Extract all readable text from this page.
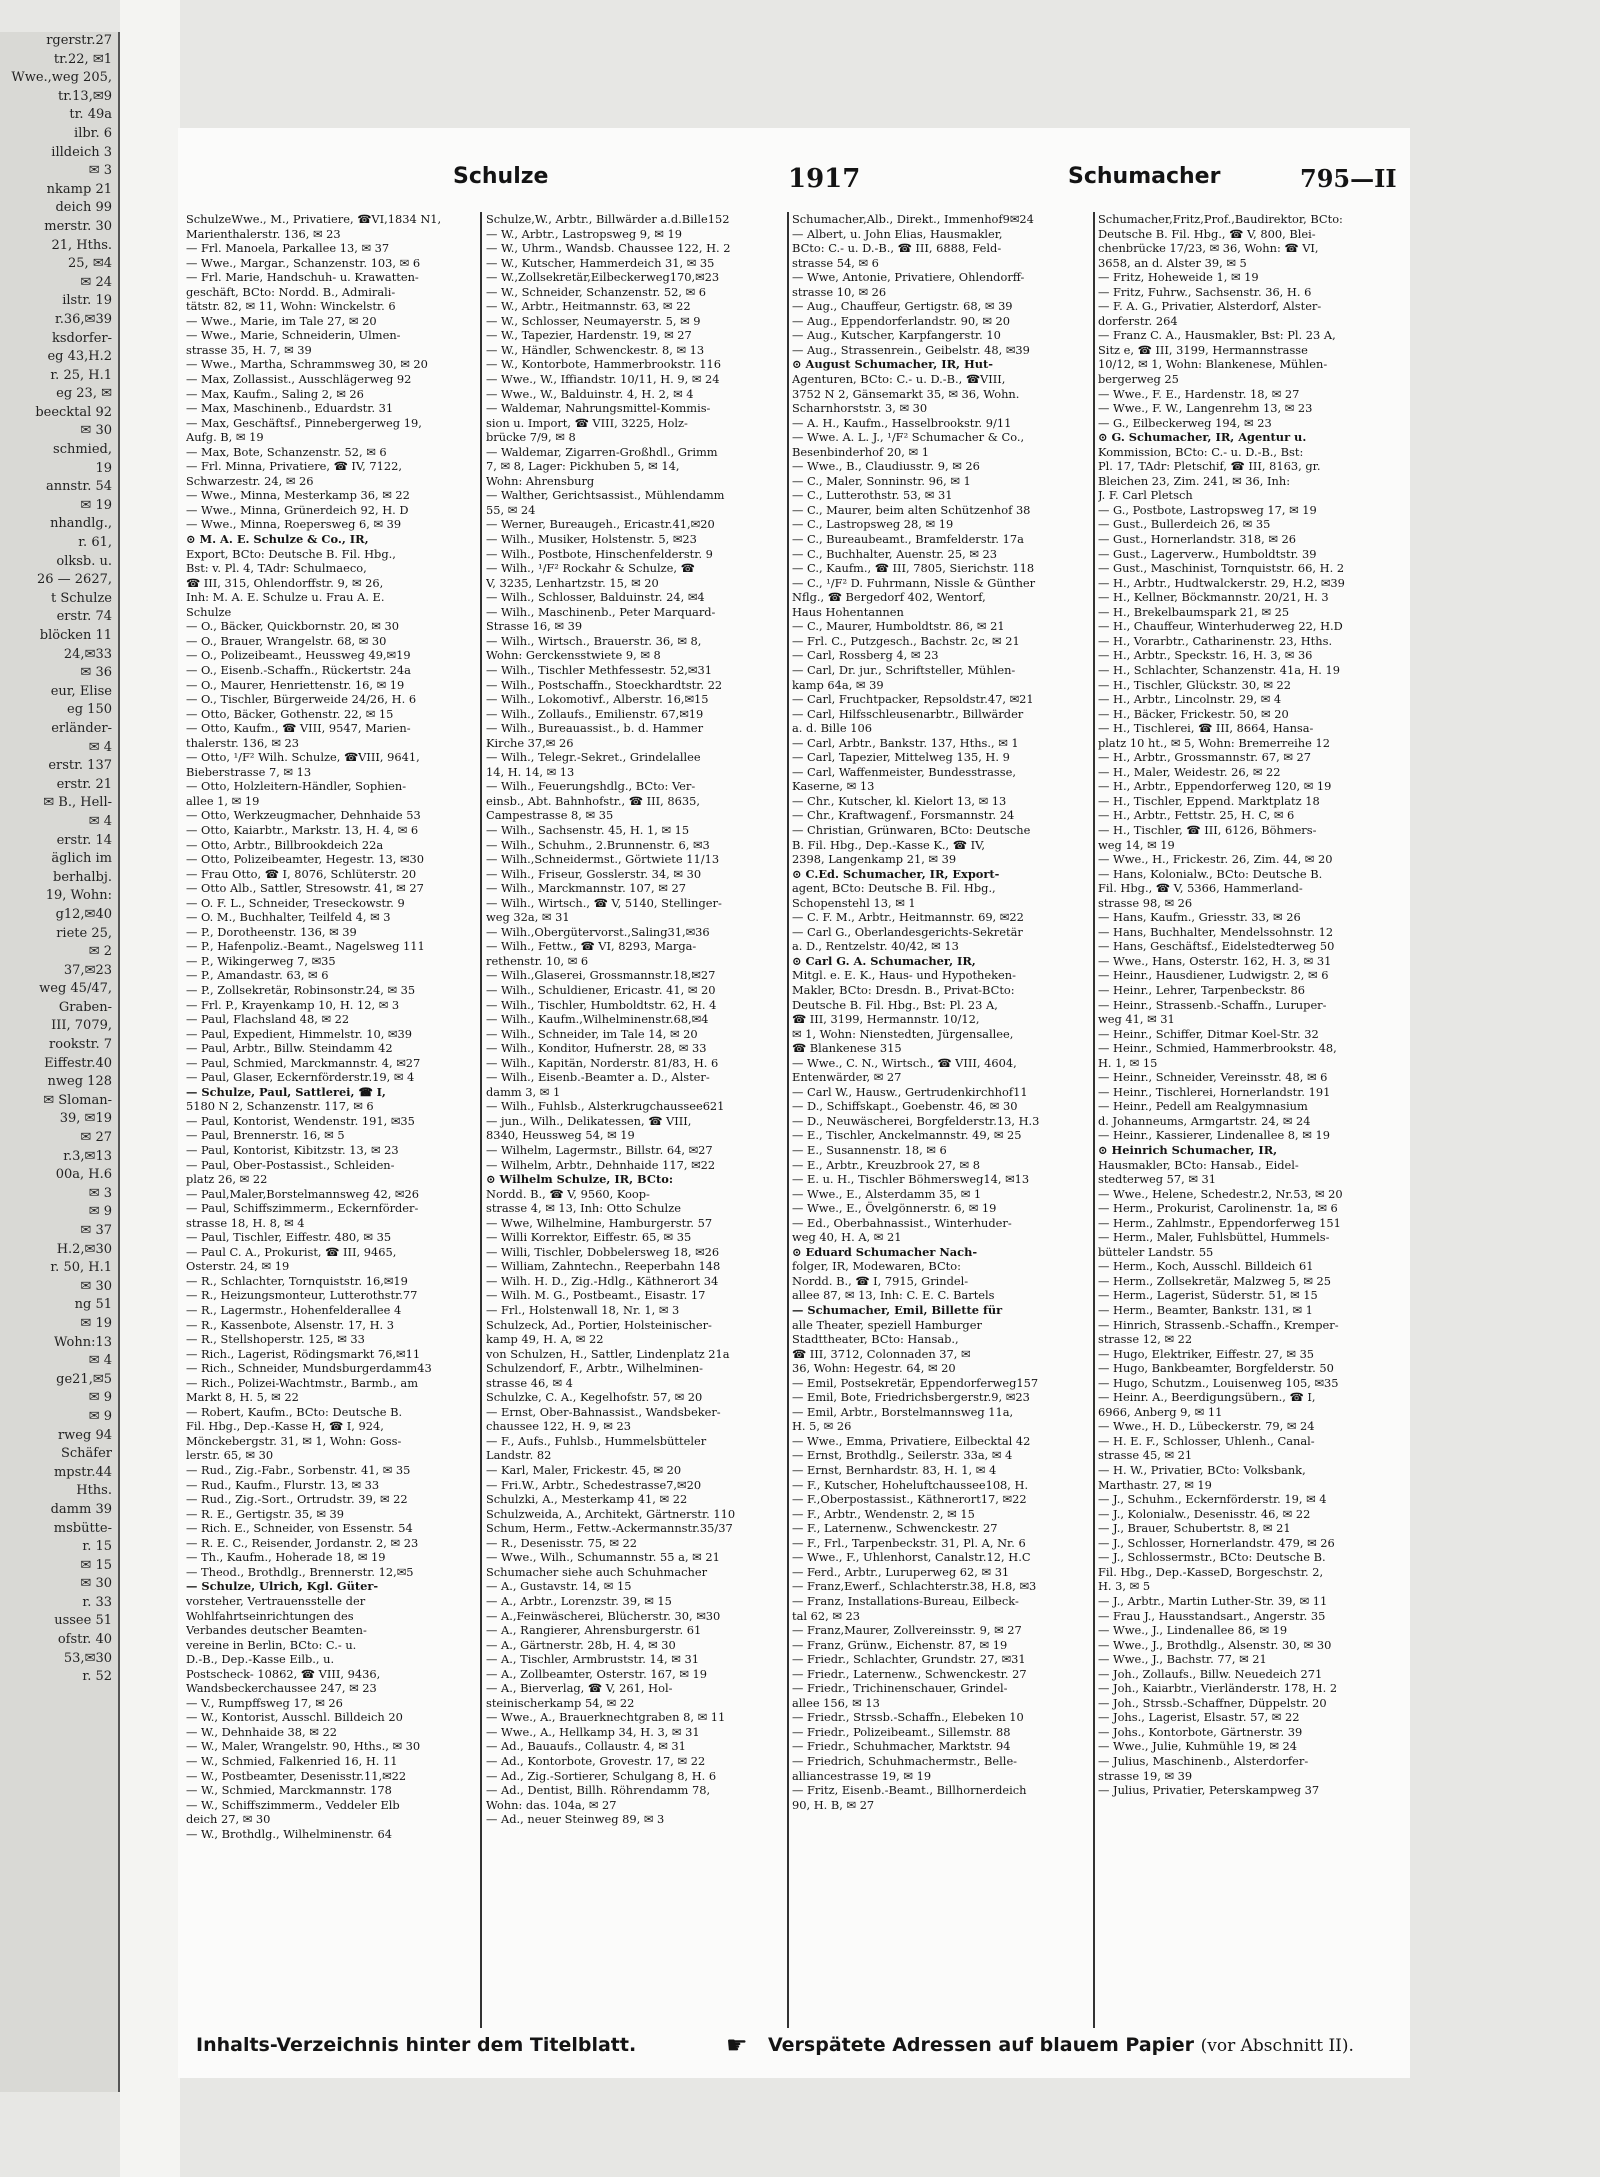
rgerstr.27
tr.22, ✉1
Wwe.,weg 205,
tr.13,✉9
tr. 49a
ilbr. 6
illdeich 3
✉ 3
nkamp 21
deich 99
merstr. 30
21, Hths.
25, ✉4
✉ 24
ilstr. 19
r.36,✉39
ksdorfer-
eg 43,H.2
r. 25, H.1
eg 23, ✉
beecktal 92
✉ 30
schmied,
19
annstr. 54
✉ 19
nhandlg.,
r. 61,
olksb. u.
26 — 2627,
t Schulze
erstr. 74
blöcken 11
24,✉33
✉ 36
eur, Elise
eg 150
erländer-
✉ 4
erstr. 137
erstr. 21
✉ B., Hell-
✉ 4
erstr. 14
äglich im
berhalbj.
19, Wohn:
g12,✉40
riete 25,
✉ 2
37,✉23
weg 45/47,
Graben-
III, 7079,
rookstr. 7
Eiffestr.40
nweg 128
✉ Sloman-
39, ✉19
✉ 27
r.3,✉13
00a, H.6
✉ 3
✉ 9
✉ 37
H.2,✉30
r. 50, H.1
✉ 30
ng 51
✉ 19
Wohn:13
✉ 4
ge21,✉5
✉ 9
✉ 9
rweg 94
Schäfer
mpstr.44
Hths.
damm 39
msbütte-
r. 15
✉ 15
✉ 30
r. 33
ussee 51
ofstr. 40
53,✉30
r. 52
Schulze	1917	Schumacher	795—II
SchulzeWwe., M., Privatiere, ☎VI,1834 N1,
Marienthalerstr. 136, ✉ 23
— Frl. Manoela, Parkallee 13, ✉ 37
— Wwe., Margar., Schanzenstr. 103, ✉ 6
— Frl. Marie, Handschuh- u. Krawatten-
geschäft, BCto: Nordd. B., Admirali-
tätstr. 82, ✉ 11, Wohn: Winckelstr. 6
— Wwe., Marie, im Tale 27, ✉ 20
— Wwe., Marie, Schneiderin, Ulmen-
strasse 35, H. 7, ✉ 39
— Wwe., Martha, Schrammsweg 30, ✉ 20
— Max, Zollassist., Ausschlägerweg 92
— Max, Kaufm., Saling 2, ✉ 26
— Max, Maschinenb., Eduardstr. 31
— Max, Geschäftsf., Pinnebergerweg 19,
Aufg. B, ✉ 19
— Max, Bote, Schanzenstr. 52, ✉ 6
— Frl. Minna, Privatiere, ☎ IV, 7122,
Schwarzestr. 24, ✉ 26
— Wwe., Minna, Mesterkamp 36, ✉ 22
— Wwe., Minna, Grünerdeich 92, H. D
— Wwe., Minna, Roepersweg 6, ✉ 39
⊙ M. A. E. Schulze & Co., IR,
Export, BCto: Deutsche B. Fil. Hbg.,
Bst: v. Pl. 4, TAdr: Schulmaeco,
☎ III, 315, Ohlendorffstr. 9, ✉ 26,
Inh: M. A. E. Schulze u. Frau A. E.
Schulze
— O., Bäcker, Quickbornstr. 20, ✉ 30
— O., Brauer, Wrangelstr. 68, ✉ 30
— O., Polizeibeamt., Heussweg 49,✉19
— O., Eisenb.-Schaffn., Rückertstr. 24a
— O., Maurer, Henriettenstr. 16, ✉ 19
— O., Tischler, Bürgerweide 24/26, H. 6
— Otto, Bäcker, Gothenstr. 22, ✉ 15
— Otto, Kaufm., ☎ VIII, 9547, Marien-
thalerstr. 136, ✉ 23
— Otto, ¹/F² Wilh. Schulze, ☎VIII, 9641,
Bieberstrasse 7, ✉ 13
— Otto, Holzleitern-Händler, Sophien-
allee 1, ✉ 19
— Otto, Werkzeugmacher, Dehnhaide 53
— Otto, Kaiarbtr., Markstr. 13, H. 4, ✉ 6
— Otto, Arbtr., Billbrookdeich 22a
— Otto, Polizeibeamter, Hegestr. 13, ✉30
— Frau Otto, ☎ I, 8076, Schlüterstr. 20
— Otto Alb., Sattler, Stresowstr. 41, ✉ 27
— O. F. L., Schneider, Treseckowstr. 9
— O. M., Buchhalter, Teilfeld 4, ✉ 3
— P., Dorotheenstr. 136, ✉ 39
— P., Hafenpoliz.-Beamt., Nagelsweg 111
— P., Wikingerweg 7, ✉35
— P., Amandastr. 63, ✉ 6
— P., Zollsekretär, Robinsonstr.24, ✉ 35
— Frl. P., Krayenkamp 10, H. 12, ✉ 3
— Paul, Flachsland 48, ✉ 22
— Paul, Expedient, Himmelstr. 10, ✉39
— Paul, Arbtr., Billw. Steindamm 42
— Paul, Schmied, Marckmannstr. 4, ✉27
— Paul, Glaser, Eckernförderstr.19, ✉ 4
— Schulze, Paul, Sattlerei, ☎ I,
5180 N 2, Schanzenstr. 117, ✉ 6
— Paul, Kontorist, Wendenstr. 191, ✉35
— Paul, Brennerstr. 16, ✉ 5
— Paul, Kontorist, Kibitzstr. 13, ✉ 23
— Paul, Ober-Postassist., Schleiden-
platz 26, ✉ 22
— Paul,Maler,Borstelmannsweg 42, ✉26
— Paul, Schiffszimmerm., Eckernförder-
strasse 18, H. 8, ✉ 4
— Paul, Tischler, Eiffestr. 480, ✉ 35
— Paul C. A., Prokurist, ☎ III, 9465,
Osterstr. 24, ✉ 19
— R., Schlachter, Tornquiststr. 16,✉19
— R., Heizungsmonteur, Lutterothstr.77
— R., Lagermstr., Hohenfelderallee 4
— R., Kassenbote, Alsenstr. 17, H. 3
— R., Stellshoperstr. 125, ✉ 33
— Rich., Lagerist, Rödingsmarkt 76,✉11
— Rich., Schneider, Mundsburgerdamm43
— Rich., Polizei-Wachtmstr., Barmb., am
Markt 8, H. 5, ✉ 22
— Robert, Kaufm., BCto: Deutsche B.
Fil. Hbg., Dep.-Kasse H, ☎ I, 924,
Mönckebergstr. 31, ✉ 1, Wohn: Goss-
lerstr. 65, ✉ 30
— Rud., Zig.-Fabr., Sorbenstr. 41, ✉ 35
— Rud., Kaufm., Flurstr. 13, ✉ 33
— Rud., Zig.-Sort., Ortrudstr. 39, ✉ 22
— R. E., Gertigstr. 35, ✉ 39
— Rich. E., Schneider, von Essenstr. 54
— R. E. C., Reisender, Jordanstr. 2, ✉ 23
— Th., Kaufm., Hoherade 18, ✉ 19
— Theod., Brothdlg., Brennerstr. 12,✉5
— Schulze, Ulrich, Kgl. Güter-
vorsteher, Vertrauensstelle der
Wohlfahrtseinrichtungen des
Verbandes deutscher Beamten-
vereine in Berlin, BCto: C.- u.
D.-B., Dep.-Kasse Eilb., u.
Postscheck- 10862, ☎ VIII, 9436,
Wandsbeckerchaussee 247, ✉ 23
— V., Rumpffsweg 17, ✉ 26
— W., Kontorist, Ausschl. Billdeich 20
— W., Dehnhaide 38, ✉ 22
— W., Maler, Wrangelstr. 90, Hths., ✉ 30
— W., Schmied, Falkenried 16, H. 11
— W., Postbeamter, Desenisstr.11,✉22
— W., Schmied, Marckmannstr. 178
— W., Schiffszimmerm., Veddeler Elb
deich 27, ✉ 30
— W., Brothdlg., Wilhelminenstr. 64
Schulze,W., Arbtr., Billwärder a.d.Bille152
— W., Arbtr., Lastropsweg 9, ✉ 19
— W., Uhrm., Wandsb. Chaussee 122, H. 2
— W., Kutscher, Hammerdeich 31, ✉ 35
— W.,Zollsekretär,Eilbeckerweg170,✉23
— W., Schneider, Schanzenstr. 52, ✉ 6
— W., Arbtr., Heitmannstr. 63, ✉ 22
— W., Schlosser, Neumayerstr. 5, ✉ 9
— W., Tapezier, Hardenstr. 19, ✉ 27
— W., Händler, Schwenckestr. 8, ✉ 13
— W., Kontorbote, Hammerbrookstr. 116
— Wwe., W., Iffiandstr. 10/11, H. 9, ✉ 24
— Wwe., W., Balduinstr. 4, H. 2, ✉ 4
— Waldemar, Nahrungsmittel-Kommis-
sion u. Import, ☎ VIII, 3225, Holz-
brücke 7/9, ✉ 8
— Waldemar, Zigarren-Großhdl., Grimm
7, ✉ 8, Lager: Pickhuben 5, ✉ 14,
Wohn: Ahrensburg
— Walther, Gerichtsassist., Mühlendamm
55, ✉ 24
— Werner, Bureaugeh., Ericastr.41,✉20
— Wilh., Musiker, Holstenstr. 5, ✉23
— Wilh., Postbote, Hinschenfelderstr. 9
— Wilh., ¹/F² Rockahr & Schulze, ☎
V, 3235, Lenhartzstr. 15, ✉ 20
— Wilh., Schlosser, Balduinstr. 24, ✉4
— Wilh., Maschinenb., Peter Marquard-
Strasse 16, ✉ 39
— Wilh., Wirtsch., Brauerstr. 36, ✉ 8,
Wohn: Gerckensstwiete 9, ✉ 8
— Wilh., Tischler Methfessestr. 52,✉31
— Wilh., Postschaffn., Stoeckhardtstr. 22
— Wilh., Lokomotivf., Alberstr. 16,✉15
— Wilh., Zollaufs., Emilienstr. 67,✉19
— Wilh., Bureauassist., b. d. Hammer
Kirche 37,✉ 26
— Wilh., Telegr.-Sekret., Grindelallee
14, H. 14, ✉ 13
— Wilh., Feuerungshdlg., BCto: Ver-
einsb., Abt. Bahnhofstr., ☎ III, 8635,
Campestrasse 8, ✉ 35
— Wilh., Sachsenstr. 45, H. 1, ✉ 15
— Wilh., Schuhm., 2.Brunnenstr. 6, ✉3
— Wilh.,Schneidermst., Görtwiete 11/13
— Wilh., Friseur, Gosslerstr. 34, ✉ 30
— Wilh., Marckmannstr. 107, ✉ 27
— Wilh., Wirtsch., ☎ V, 5140, Stellinger-
weg 32a, ✉ 31
— Wilh.,Obergütervorst.,Saling31,✉36
— Wilh., Fettw., ☎ VI, 8293, Marga-
rethenstr. 10, ✉ 6
— Wilh.,Glaserei, Grossmannstr.18,✉27
— Wilh., Schuldiener, Ericastr. 41, ✉ 20
— Wilh., Tischler, Humboldtstr. 62, H. 4
— Wilh., Kaufm.,Wilhelminenstr.68,✉4
— Wilh., Schneider, im Tale 14, ✉ 20
— Wilh., Konditor, Hufnerstr. 28, ✉ 33
— Wilh., Kapitän, Norderstr. 81/83, H. 6
— Wilh., Eisenb.-Beamter a. D., Alster-
damm 3, ✉ 1
— Wilh., Fuhlsb., Alsterkrugchaussee621
— jun., Wilh., Delikatessen, ☎ VIII,
8340, Heussweg 54, ✉ 19
— Wilhelm, Lagermstr., Billstr. 64, ✉27
— Wilhelm, Arbtr., Dehnhaide 117, ✉22
⊙ Wilhelm Schulze, IR, BCto:
Nordd. B., ☎ V, 9560, Koop-
strasse 4, ✉ 13, Inh: Otto Schulze
— Wwe, Wilhelmine, Hamburgerstr. 57
— Willi Korrektor, Eiffestr. 65, ✉ 35
— Willi, Tischler, Dobbelersweg 18, ✉26
— William, Zahntechn., Reeperbahn 148
— Wilh. H. D., Zig.-Hdlg., Käthnerort 34
— Wilh. M. G., Postbeamt., Eisastr. 17
— Frl., Holstenwall 18, Nr. 1, ✉ 3
Schulzeck, Ad., Portier, Holsteinischer-
kamp 49, H. A, ✉ 22
von Schulzen, H., Sattler, Lindenplatz 21a
Schulzendorf, F., Arbtr., Wilhelminen-
strasse 46, ✉ 4
Schulzke, C. A., Kegelhofstr. 57, ✉ 20
— Ernst, Ober-Bahnassist., Wandsbeker-
chaussee 122, H. 9, ✉ 23
— F., Aufs., Fuhlsb., Hummelsbütteler
Landstr. 82
— Karl, Maler, Frickestr. 45, ✉ 20
— Fri.W., Arbtr., Schedestrasse7,✉20
Schulzki, A., Mesterkamp 41, ✉ 22
Schulzweida, A., Architekt, Gärtnerstr. 110
Schum, Herm., Fettw.-Ackermannstr.35/37
— R., Desenisstr. 75, ✉ 22
— Wwe., Wilh., Schumannstr. 55 a, ✉ 21
Schumacher siehe auch Schuhmacher
— A., Gustavstr. 14, ✉ 15
— A., Arbtr., Lorenzstr. 39, ✉ 15
— A.,Feinwäscherei, Blücherstr. 30, ✉30
— A., Rangierer, Ahrensburgerstr. 61
— A., Gärtnerstr. 28b, H. 4, ✉ 30
— A., Tischler, Armbruststr. 14, ✉ 31
— A., Zollbeamter, Osterstr. 167, ✉ 19
— A., Bierverlag, ☎ V, 261, Hol-
steinischerkamp 54, ✉ 22
— Wwe., A., Brauerknechtgraben 8, ✉ 11
— Wwe., A., Hellkamp 34, H. 3, ✉ 31
— Ad., Bauaufs., Collaustr. 4, ✉ 31
— Ad., Kontorbote, Grovestr. 17, ✉ 22
— Ad., Zig.-Sortierer, Schulgang 8, H. 6
— Ad., Dentist, Billh. Röhrendamm 78,
Wohn: das. 104a, ✉ 27
— Ad., neuer Steinweg 89, ✉ 3
Schumacher,Alb., Direkt., Immenhof9✉24
— Albert, u. John Elias, Hausmakler,
BCto: C.- u. D.-B., ☎ III, 6888, Feld-
strasse 54, ✉ 6
— Wwe, Antonie, Privatiere, Ohlendorff-
strasse 10, ✉ 26
— Aug., Chauffeur, Gertigstr. 68, ✉ 39
— Aug., Eppendorferlandstr. 90, ✉ 20
— Aug., Kutscher, Karpfangerstr. 10
— Aug., Strassenrein., Geibelstr. 48, ✉39
⊙ August Schumacher, IR, Hut-
Agenturen, BCto: C.- u. D.-B., ☎VIII,
3752 N 2, Gänsemarkt 35, ✉ 36, Wohn.
Scharnhorststr. 3, ✉ 30
— A. H., Kaufm., Hasselbrookstr. 9/11
— Wwe. A. L. J., ¹/F² Schumacher & Co.,
Besenbinderhof 20, ✉ 1
— Wwe., B., Claudiusstr. 9, ✉ 26
— C., Maler, Sonninstr. 96, ✉ 1
— C., Lutterothstr. 53, ✉ 31
— C., Maurer, beim alten Schützenhof 38
— C., Lastropsweg 28, ✉ 19
— C., Bureaubeamt., Bramfelderstr. 17a
— C., Buchhalter, Auenstr. 25, ✉ 23
— C., Kaufm., ☎ III, 7805, Sierichstr. 118
— C., ¹/F² D. Fuhrmann, Nissle & Günther
Nflg., ☎ Bergedorf 402, Wentorf,
Haus Hohentannen
— C., Maurer, Humboldtstr. 86, ✉ 21
— Frl. C., Putzgesch., Bachstr. 2c, ✉ 21
— Carl, Rossberg 4, ✉ 23
— Carl, Dr. jur., Schriftsteller, Mühlen-
kamp 64a, ✉ 39
— Carl, Fruchtpacker, Repsoldstr.47, ✉21
— Carl, Hilfsschleusenarbtr., Billwärder
a. d. Bille 106
— Carl, Arbtr., Bankstr. 137, Hths., ✉ 1
— Carl, Tapezier, Mittelweg 135, H. 9
— Carl, Waffenmeister, Bundesstrasse,
Kaserne, ✉ 13
— Chr., Kutscher, kl. Kielort 13, ✉ 13
— Chr., Kraftwagenf., Forsmannstr. 24
— Christian, Grünwaren, BCto: Deutsche
B. Fil. Hbg., Dep.-Kasse K., ☎ IV,
2398, Langenkamp 21, ✉ 39
⊙ C.Ed. Schumacher, IR, Export-
agent, BCto: Deutsche B. Fil. Hbg.,
Schopenstehl 13, ✉ 1
— C. F. M., Arbtr., Heitmannstr. 69, ✉22
— Carl G., Oberlandesgerichts-Sekretär
a. D., Rentzelstr. 40/42, ✉ 13
⊙ Carl G. A. Schumacher, IR,
Mitgl. e. E. K., Haus- und Hypotheken-
Makler, BCto: Dresdn. B., Privat-BCto:
Deutsche B. Fil. Hbg., Bst: Pl. 23 A,
☎ III, 3199, Hermannstr. 10/12,
✉ 1, Wohn: Nienstedten, Jürgensallee,
☎ Blankenese 315
— Wwe., C. N., Wirtsch., ☎ VIII, 4604,
Entenwärder, ✉ 27
— Carl W., Hausw., Gertrudenkirchhof11
— D., Schiffskapt., Goebenstr. 46, ✉ 30
— D., Neuwäscherei, Borgfelderstr.13, H.3
— E., Tischler, Anckelmannstr. 49, ✉ 25
— E., Susannenstr. 18, ✉ 6
— E., Arbtr., Kreuzbrook 27, ✉ 8
— E. u. H., Tischler Böhmersweg14, ✉13
— Wwe., E., Alsterdamm 35, ✉ 1
— Wwe., E., Övelgönnerstr. 6, ✉ 19
— Ed., Oberbahnassist., Winterhuder-
weg 40, H. A, ✉ 21
⊙ Eduard Schumacher Nach-
folger, IR, Modewaren, BCto:
Nordd. B., ☎ I, 7915, Grindel-
allee 87, ✉ 13, Inh: C. E. C. Bartels
— Schumacher, Emil, Billette für
alle Theater, speziell Hamburger
Stadttheater, BCto: Hansab.,
☎ III, 3712, Colonnaden 37, ✉
36, Wohn: Hegestr. 64, ✉ 20
— Emil, Postsekretär, Eppendorferweg157
— Emil, Bote, Friedrichsbergerstr.9, ✉23
— Emil, Arbtr., Borstelmannsweg 11a,
H. 5, ✉ 26
— Wwe., Emma, Privatiere, Eilbecktal 42
— Ernst, Brothdlg., Seilerstr. 33a, ✉ 4
— Ernst, Bernhardstr. 83, H. 1, ✉ 4
— F., Kutscher, Hoheluftchaussee108, H.
— F.,Oberpostassist., Käthnerort17, ✉22
— F., Arbtr., Wendenstr. 2, ✉ 15
— F., Laternenw., Schwenckestr. 27
— F., Frl., Tarpenbeckstr. 31, Pl. A, Nr. 6
— Wwe., F., Uhlenhorst, Canalstr.12, H.C
— Ferd., Arbtr., Luruperweg 62, ✉ 31
— Franz,Ewerf., Schlachterstr.38, H.8, ✉3
— Franz, Installations-Bureau, Eilbeck-
tal 62, ✉ 23
— Franz,Maurer, Zollvereinsstr. 9, ✉ 27
— Franz, Grünw., Eichenstr. 87, ✉ 19
— Friedr., Schlachter, Grundstr. 27, ✉31
— Friedr., Laternenw., Schwenckestr. 27
— Friedr., Trichinenschauer, Grindel-
allee 156, ✉ 13
— Friedr., Strssb.-Schaffn., Elebeken 10
— Friedr., Polizeibeamt., Sillemstr. 88
— Friedr., Schuhmacher, Marktstr. 94
— Friedrich, Schuhmachermstr., Belle-
alliancestrasse 19, ✉ 19
— Fritz, Eisenb.-Beamt., Billhornerdeich
90, H. B, ✉ 27
Schumacher,Fritz,Prof.,Baudirektor, BCto:
Deutsche B. Fil. Hbg., ☎ V, 800, Blei-
chenbrücke 17/23, ✉ 36, Wohn: ☎ VI,
3658, an d. Alster 39, ✉ 5
— Fritz, Hoheweide 1, ✉ 19
— Fritz, Fuhrw., Sachsenstr. 36, H. 6
— F. A. G., Privatier, Alsterdorf, Alster-
dorferstr. 264
— Franz C. A., Hausmakler, Bst: Pl. 23 A,
Sitz e, ☎ III, 3199, Hermannstrasse
10/12, ✉ 1, Wohn: Blankenese, Mühlen-
bergerweg 25
— Wwe., F. E., Hardenstr. 18, ✉ 27
— Wwe., F. W., Langenrehm 13, ✉ 23
— G., Eilbeckerweg 194, ✉ 23
⊙ G. Schumacher, IR, Agentur u.
Kommission, BCto: C.- u. D.-B., Bst:
Pl. 17, TAdr: Pletschif, ☎ III, 8163, gr.
Bleichen 23, Zim. 241, ✉ 36, Inh:
J. F. Carl Pletsch
— G., Postbote, Lastropsweg 17, ✉ 19
— Gust., Bullerdeich 26, ✉ 35
— Gust., Hornerlandstr. 318, ✉ 26
— Gust., Lagerverw., Humboldtstr. 39
— Gust., Maschinist, Tornquiststr. 66, H. 2
— H., Arbtr., Hudtwalckerstr. 29, H.2, ✉39
— H., Kellner, Böckmannstr. 20/21, H. 3
— H., Brekelbaumspark 21, ✉ 25
— H., Chauffeur, Winterhuderweg 22, H.D
— H., Vorarbtr., Catharinenstr. 23, Hths.
— H., Arbtr., Speckstr. 16, H. 3, ✉ 36
— H., Schlachter, Schanzenstr. 41a, H. 19
— H., Tischler, Glückstr. 30, ✉ 22
— H., Arbtr., Lincolnstr. 29, ✉ 4
— H., Bäcker, Frickestr. 50, ✉ 20
— H., Tischlerei, ☎ III, 8664, Hansa-
platz 10 ht., ✉ 5, Wohn: Bremerreihe 12
— H., Arbtr., Grossmannstr. 67, ✉ 27
— H., Maler, Weidestr. 26, ✉ 22
— H., Arbtr., Eppendorferweg 120, ✉ 19
— H., Tischler, Eppend. Marktplatz 18
— H., Arbtr., Fettstr. 25, H. C, ✉ 6
— H., Tischler, ☎ III, 6126, Böhmers-
weg 14, ✉ 19
— Wwe., H., Frickestr. 26, Zim. 44, ✉ 20
— Hans, Kolonialw., BCto: Deutsche B.
Fil. Hbg., ☎ V, 5366, Hammerland-
strasse 98, ✉ 26
— Hans, Kaufm., Griesstr. 33, ✉ 26
— Hans, Buchhalter, Mendelssohnstr. 12
— Hans, Geschäftsf., Eidelstedterweg 50
— Wwe., Hans, Osterstr. 162, H. 3, ✉ 31
— Heinr., Hausdiener, Ludwigstr. 2, ✉ 6
— Heinr., Lehrer, Tarpenbeckstr. 86
— Heinr., Strassenb.-Schaffn., Luruper-
weg 41, ✉ 31
— Heinr., Schiffer, Ditmar Koel-Str. 32
— Heinr., Schmied, Hammerbrookstr. 48,
H. 1, ✉ 15
— Heinr., Schneider, Vereinsstr. 48, ✉ 6
— Heinr., Tischlerei, Hornerlandstr. 191
— Heinr., Pedell am Realgymnasium
d. Johanneums, Armgartstr. 24, ✉ 24
— Heinr., Kassierer, Lindenallee 8, ✉ 19
⊙ Heinrich Schumacher, IR,
Hausmakler, BCto: Hansab., Eidel-
stedterweg 57, ✉ 31
— Wwe., Helene, Schedestr.2, Nr.53, ✉ 20
— Herm., Prokurist, Carolinenstr. 1a, ✉ 6
— Herm., Zahlmstr., Eppendorferweg 151
— Herm., Maler, Fuhlsbüttel, Hummels-
bütteler Landstr. 55
— Herm., Koch, Ausschl. Billdeich 61
— Herm., Zollsekretär, Malzweg 5, ✉ 25
— Herm., Lagerist, Süderstr. 51, ✉ 15
— Herm., Beamter, Bankstr. 131, ✉ 1
— Hinrich, Strassenb.-Schaffn., Kremper-
strasse 12, ✉ 22
— Hugo, Elektriker, Eiffestr. 27, ✉ 35
— Hugo, Bankbeamter, Borgfelderstr. 50
— Hugo, Schutzm., Louisenweg 105, ✉35
— Heinr. A., Beerdigungsübern., ☎ I,
6966, Anberg 9, ✉ 11
— Wwe., H. D., Lübeckerstr. 79, ✉ 24
— H. E. F., Schlosser, Uhlenh., Canal-
strasse 45, ✉ 21
— H. W., Privatier, BCto: Volksbank,
Marthastr. 27, ✉ 19
— J., Schuhm., Eckernförderstr. 19, ✉ 4
— J., Kolonialw., Desenisstr. 46, ✉ 22
— J., Brauer, Schubertstr. 8, ✉ 21
— J., Schlosser, Hornerlandstr. 479, ✉ 26
— J., Schlossermstr., BCto: Deutsche B.
Fil. Hbg., Dep.-KasseD, Borgeschstr. 2,
H. 3, ✉ 5
— J., Arbtr., Martin Luther-Str. 39, ✉ 11
— Frau J., Hausstandsart., Angerstr. 35
— Wwe., J., Lindenallee 86, ✉ 19
— Wwe., J., Brothdlg., Alsenstr. 30, ✉ 30
— Wwe., J., Bachstr. 77, ✉ 21
— Joh., Zollaufs., Billw. Neuedeich 271
— Joh., Kaiarbtr., Vierländerstr. 178, H. 2
— Joh., Strssb.-Schaffner, Düppelstr. 20
— Johs., Lagerist, Elsastr. 57, ✉ 22
— Johs., Kontorbote, Gärtnerstr. 39
— Wwe., Julie, Kuhmühle 19, ✉ 24
— Julius, Maschinenb., Alsterdorfer-
strasse 19, ✉ 39
— Julius, Privatier, Peterskampweg 37
Inhalts-Verzeichnis hinter dem Titelblatt.	☛ Verspätete Adressen auf blauem Papier (vor Abschnitt II).
